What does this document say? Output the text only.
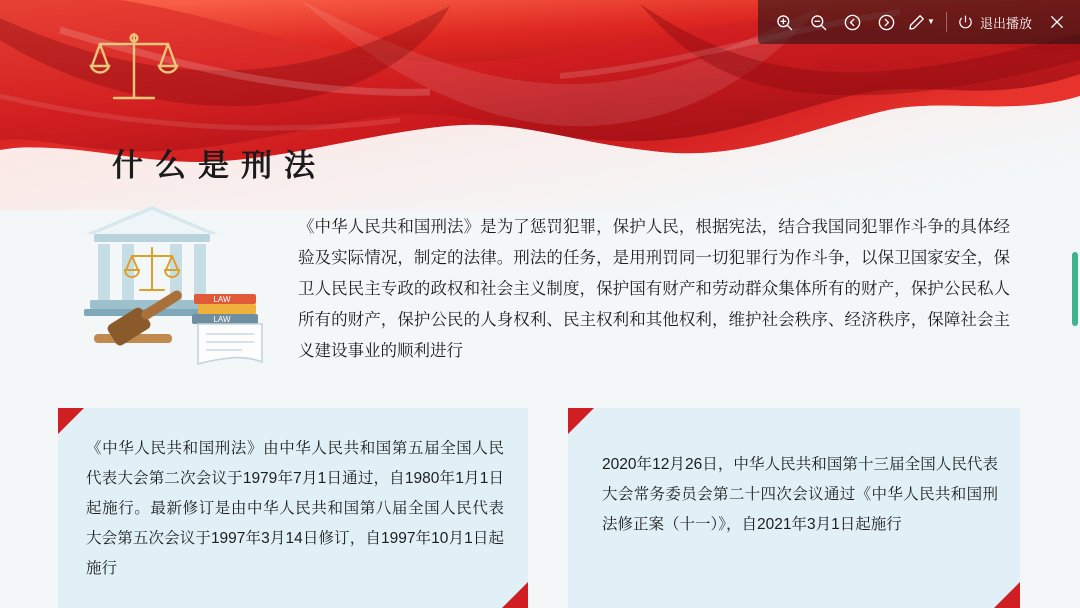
什么是刑法
LAW
LAW
《中华人民共和国刑法》是为了惩罚犯罪，保护人民，根据宪法，结合我国同犯罪作斗争的具体经验及实际情况，制定的法律。刑法的任务，是用刑罚同一切犯罪行为作斗争，以保卫国家安全，保卫人民民主专政的政权和社会主义制度，保护国有财产和劳动群众集体所有的财产，保护公民私人所有的财产，保护公民的人身权利、民主权利和其他权利，维护社会秩序、经济秩序，保障社会主义建设事业的顺利进行

《中华人民共和国刑法》由中华人民共和国第五届全国人民代表大会第二次会议于1979年7月1日通过，自1980年1月1日起施行。最新修订是由中华人民共和国第八届全国人民代表大会第五次会议于1997年3月14日修订，自1997年10月1日起施行

2020年12月26日，中华人民共和国第十三届全国人民代表大会常务委员会第二十四次会议通过《中华人民共和国刑法修正案（十一）》，自2021年3月1日起施行

▼	退出播放
